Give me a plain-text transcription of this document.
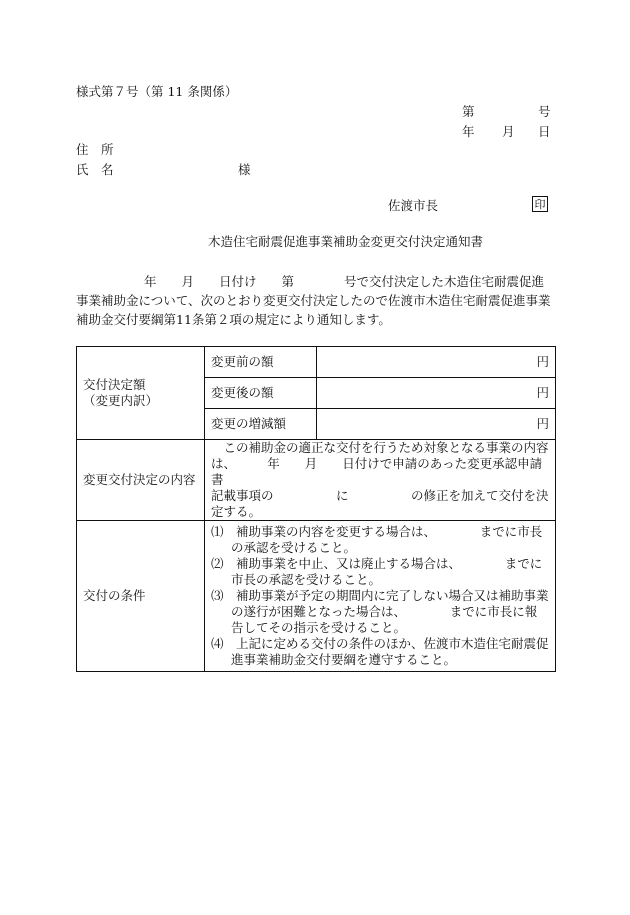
様式第７号（第 11 条関係）
第	号
年 月 日
住　所
氏　名	様
佐渡市長	印
木造住宅耐震促進事業補助金変更交付決定通知書
年　　月　　日付け　　第　　　　号で交付決定した木造住宅耐震促進
事業補助金について、次のとおり変更交付決定したので佐渡市木造住宅耐震促進事業
補助金交付要綱第11条第２項の規定により通知します。
交付決定額
（変更内訳）	変更前の額	円
	変更後の額	円
	変更の増減額	円
変更交付決定の内容	　この補助金の適正な交付を行うため対象となる事業の内容
は、　　　年　　月　　日付けで申請のあった変更承認申請書
記載事項の　　　　　に　　　　　の修正を加えて交付を決
定する。	

交付の条件	⑴　補助事業の内容を変更する場合は、　　　　までに市長の承認を受けること。
⑵　補助事業を中止、又は廃止する場合は、　　　　までに市長の承認を受けること。
⑶　補助事業が予定の期間内に完了しない場合又は補助事業の遂行が困難となった場合は、　　　　までに市長に報告してその指示を受けること。
⑷　上記に定める交付の条件のほか、佐渡市木造住宅耐震促進事業補助金交付要綱を遵守すること。	
